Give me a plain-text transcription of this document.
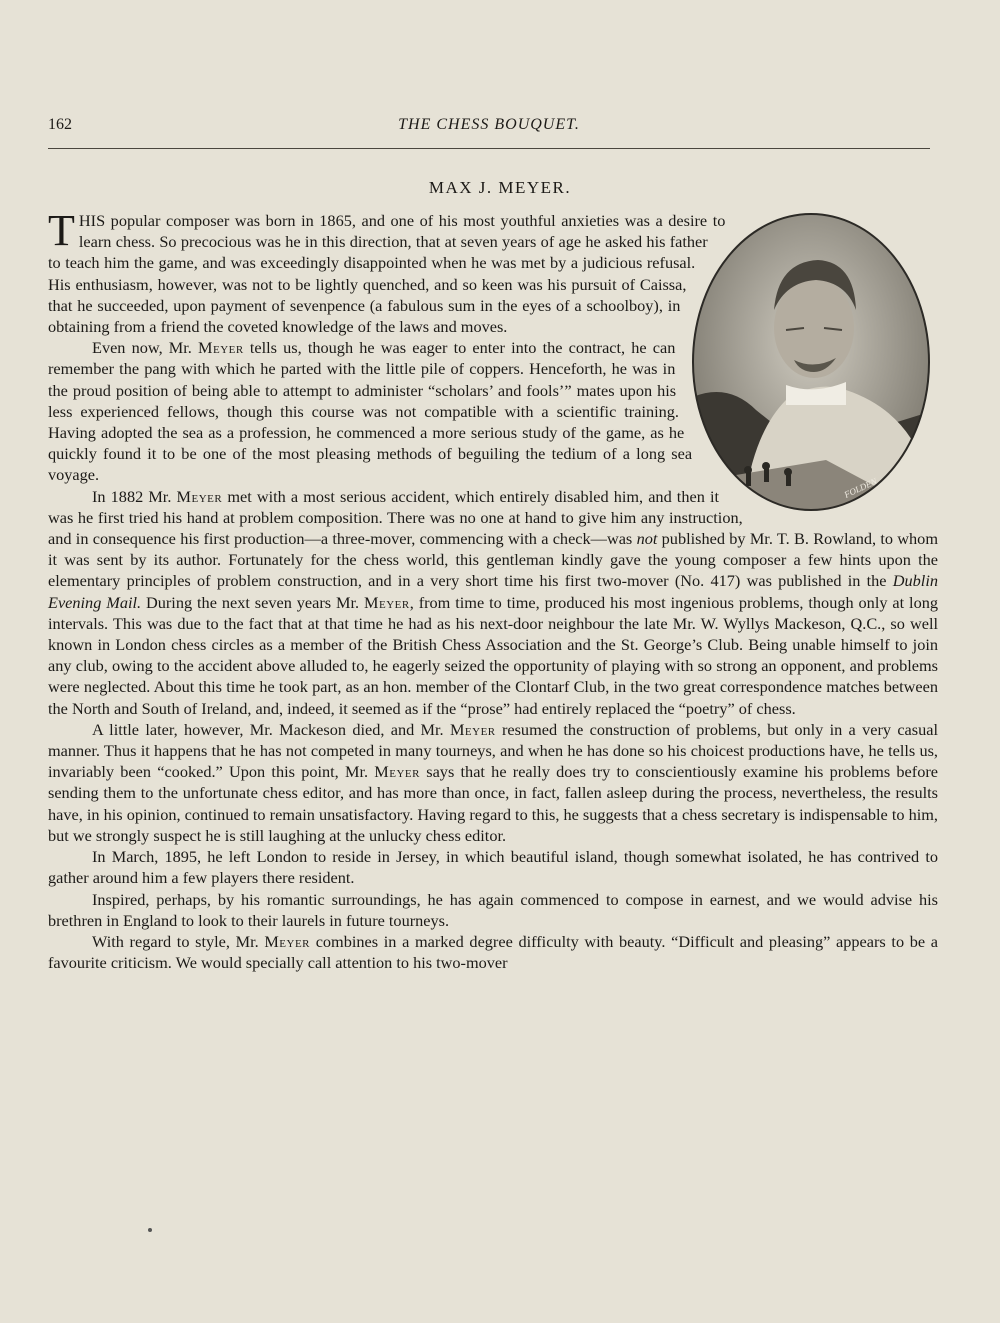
162	THE CHESS BOUQUET.
MAX J. MEYER.
FOLDEN

THIS popular composer was born in 1865, and one of his most youthful anxieties was a desire to learn chess. So precocious was he in this direction, that at seven years of age he asked his father to teach him the game, and was exceedingly disappointed when he was met by a judicious refusal. His enthusiasm, however, was not to be lightly quenched, and so keen was his pursuit of Caissa, that he succeeded, upon payment of sevenpence (a fabulous sum in the eyes of a schoolboy), in obtaining from a friend the coveted knowledge of the laws and moves.

Even now, Mr. Meyer tells us, though he was eager to enter into the contract, he can remember the pang with which he parted with the little pile of coppers. Henceforth, he was in the proud position of being able to attempt to administer “scholars’ and fools’” mates upon his less experienced fellows, though this course was not compatible with a scientific training. Having adopted the sea as a profession, he commenced a more serious study of the game, as he quickly found it to be one of the most pleasing methods of beguiling the tedium of a long sea voyage.

In 1882 Mr. Meyer met with a most serious accident, which entirely disabled him, and then it was he first tried his hand at problem composition. There was no one at hand to give him any instruction, and in consequence his first production—a three-mover, commencing with a check—was not published by Mr. T. B. Rowland, to whom it was sent by its author. Fortunately for the chess world, this gentleman kindly gave the young composer a few hints upon the elementary principles of problem construction, and in a very short time his first two-mover (No. 417) was published in the Dublin Evening Mail. During the next seven years Mr. Meyer, from time to time, produced his most ingenious problems, though only at long intervals. This was due to the fact that at that time he had as his next-door neighbour the late Mr. W. Wyllys Mackeson, Q.C., so well known in London chess circles as a member of the British Chess Association and the St. George’s Club. Being unable himself to join any club, owing to the accident above alluded to, he eagerly seized the opportunity of playing with so strong an opponent, and problems were neglected. About this time he took part, as an hon. member of the Clontarf Club, in the two great correspondence matches between the North and South of Ireland, and, indeed, it seemed as if the “prose” had entirely replaced the “poetry” of chess.

A little later, however, Mr. Mackeson died, and Mr. Meyer resumed the construction of problems, but only in a very casual manner. Thus it happens that he has not competed in many tourneys, and when he has done so his choicest productions have, he tells us, invariably been “cooked.” Upon this point, Mr. Meyer says that he really does try to conscientiously examine his problems before sending them to the unfortunate chess editor, and has more than once, in fact, fallen asleep during the process, nevertheless, the results have, in his opinion, continued to remain unsatisfactory. Having regard to this, he suggests that a chess secretary is indispensable to him, but we strongly suspect he is still laughing at the unlucky chess editor.

In March, 1895, he left London to reside in Jersey, in which beautiful island, though somewhat isolated, he has contrived to gather around him a few players there resident.

Inspired, perhaps, by his romantic surroundings, he has again commenced to compose in earnest, and we would advise his brethren in England to look to their laurels in future tourneys.

With regard to style, Mr. Meyer combines in a marked degree difficulty with beauty. “Difficult and pleasing” appears to be a favourite criticism. We would specially call attention to his two-mover
